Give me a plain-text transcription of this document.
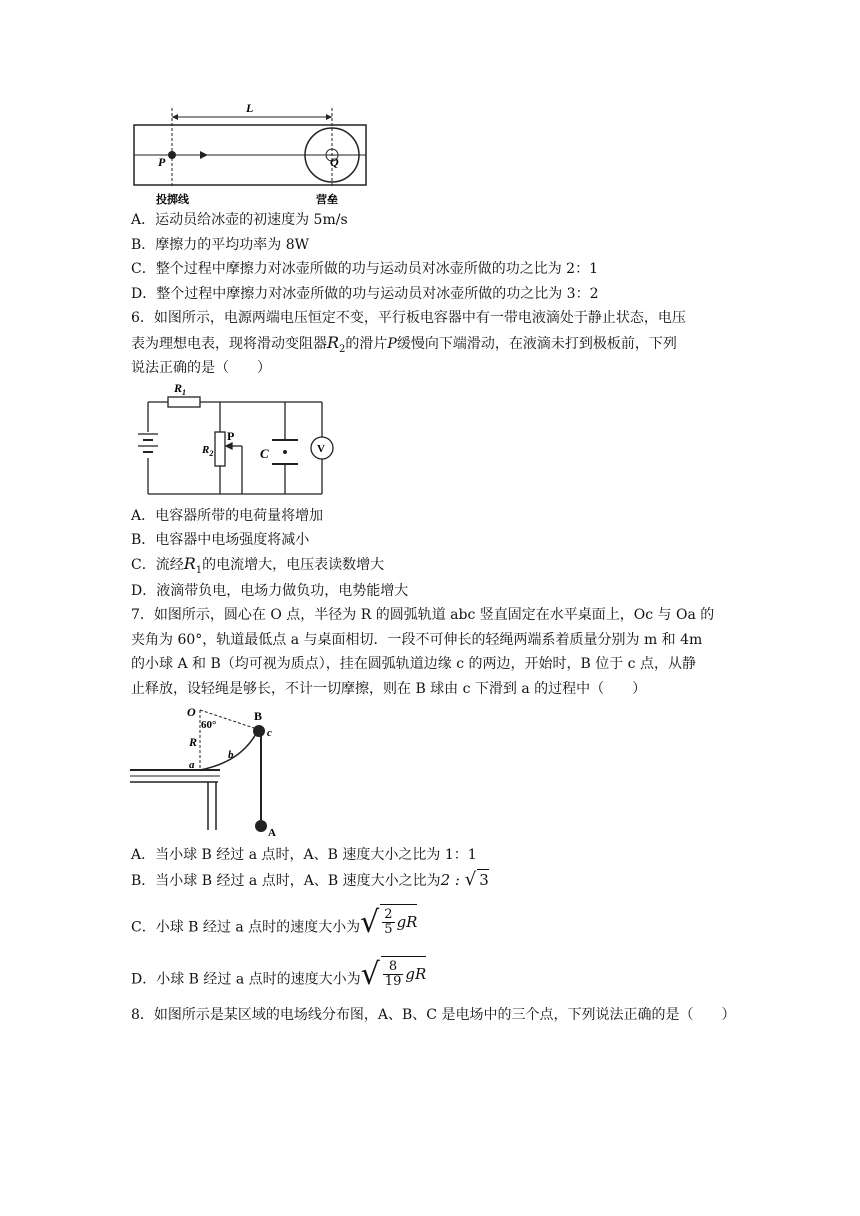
L
P	Q
投掷线	营垒
A．运动员给冰壶的初速度为 5m/s
B．摩擦力的平均功率为 8W
C．整个过程中摩擦力对冰壶所做的功与运动员对冰壶所做的功之比为 2：1
D．整个过程中摩擦力对冰壶所做的功与运动员对冰壶所做的功之比为 3：2
6．如图所示，电源两端电压恒定不变，平行板电容器中有一带电液滴处于静止状态，电压
表为理想电表，现将滑动变阻器$R_2$的滑片P缓慢向下端滑动，在液滴未打到极板前，下列
说法正确的是（　　）
$R_1$
$R_2$
P
C	V
A．电容器所带的电荷量将增加
B．电容器中电场强度将减小
C．流经$R_1$的电流增大，电压表读数增大
D．液滴带负电，电场力做负功，电势能增大
7．如图所示，圆心在 O 点，半径为 R 的圆弧轨道 abc 竖直固定在水平桌面上，Oc 与 Oa 的
夹角为 60°，轨道最低点 a 与桌面相切．一段不可伸长的轻绳两端系着质量分别为 m 和 4m
的小球 A 和 B（均可视为质点），挂在圆弧轨道边缘 c 的两边，开始时，B 位于 c 点，从静
止释放，设轻绳是够长，不计一切摩擦，则在 B 球由 c 下滑到 a 的过程中（　　）
O
60°
R
B
c
b
a
A
A．当小球 B 经过 a 点时，A、B 速度大小之比为 1：1
B．当小球 B 经过 a 点时，A、B 速度大小之比为2 : √ 3
C．小球 B 经过 a 点时的速度大小为 √ $\frac{2}{5}$ gR
D．小球 B 经过 a 点时的速度大小为 √ $\frac{8}{19}$ gR
8．如图所示是某区域的电场线分布图，A、B、C 是电场中的三个点，下列说法正确的是（　　）
